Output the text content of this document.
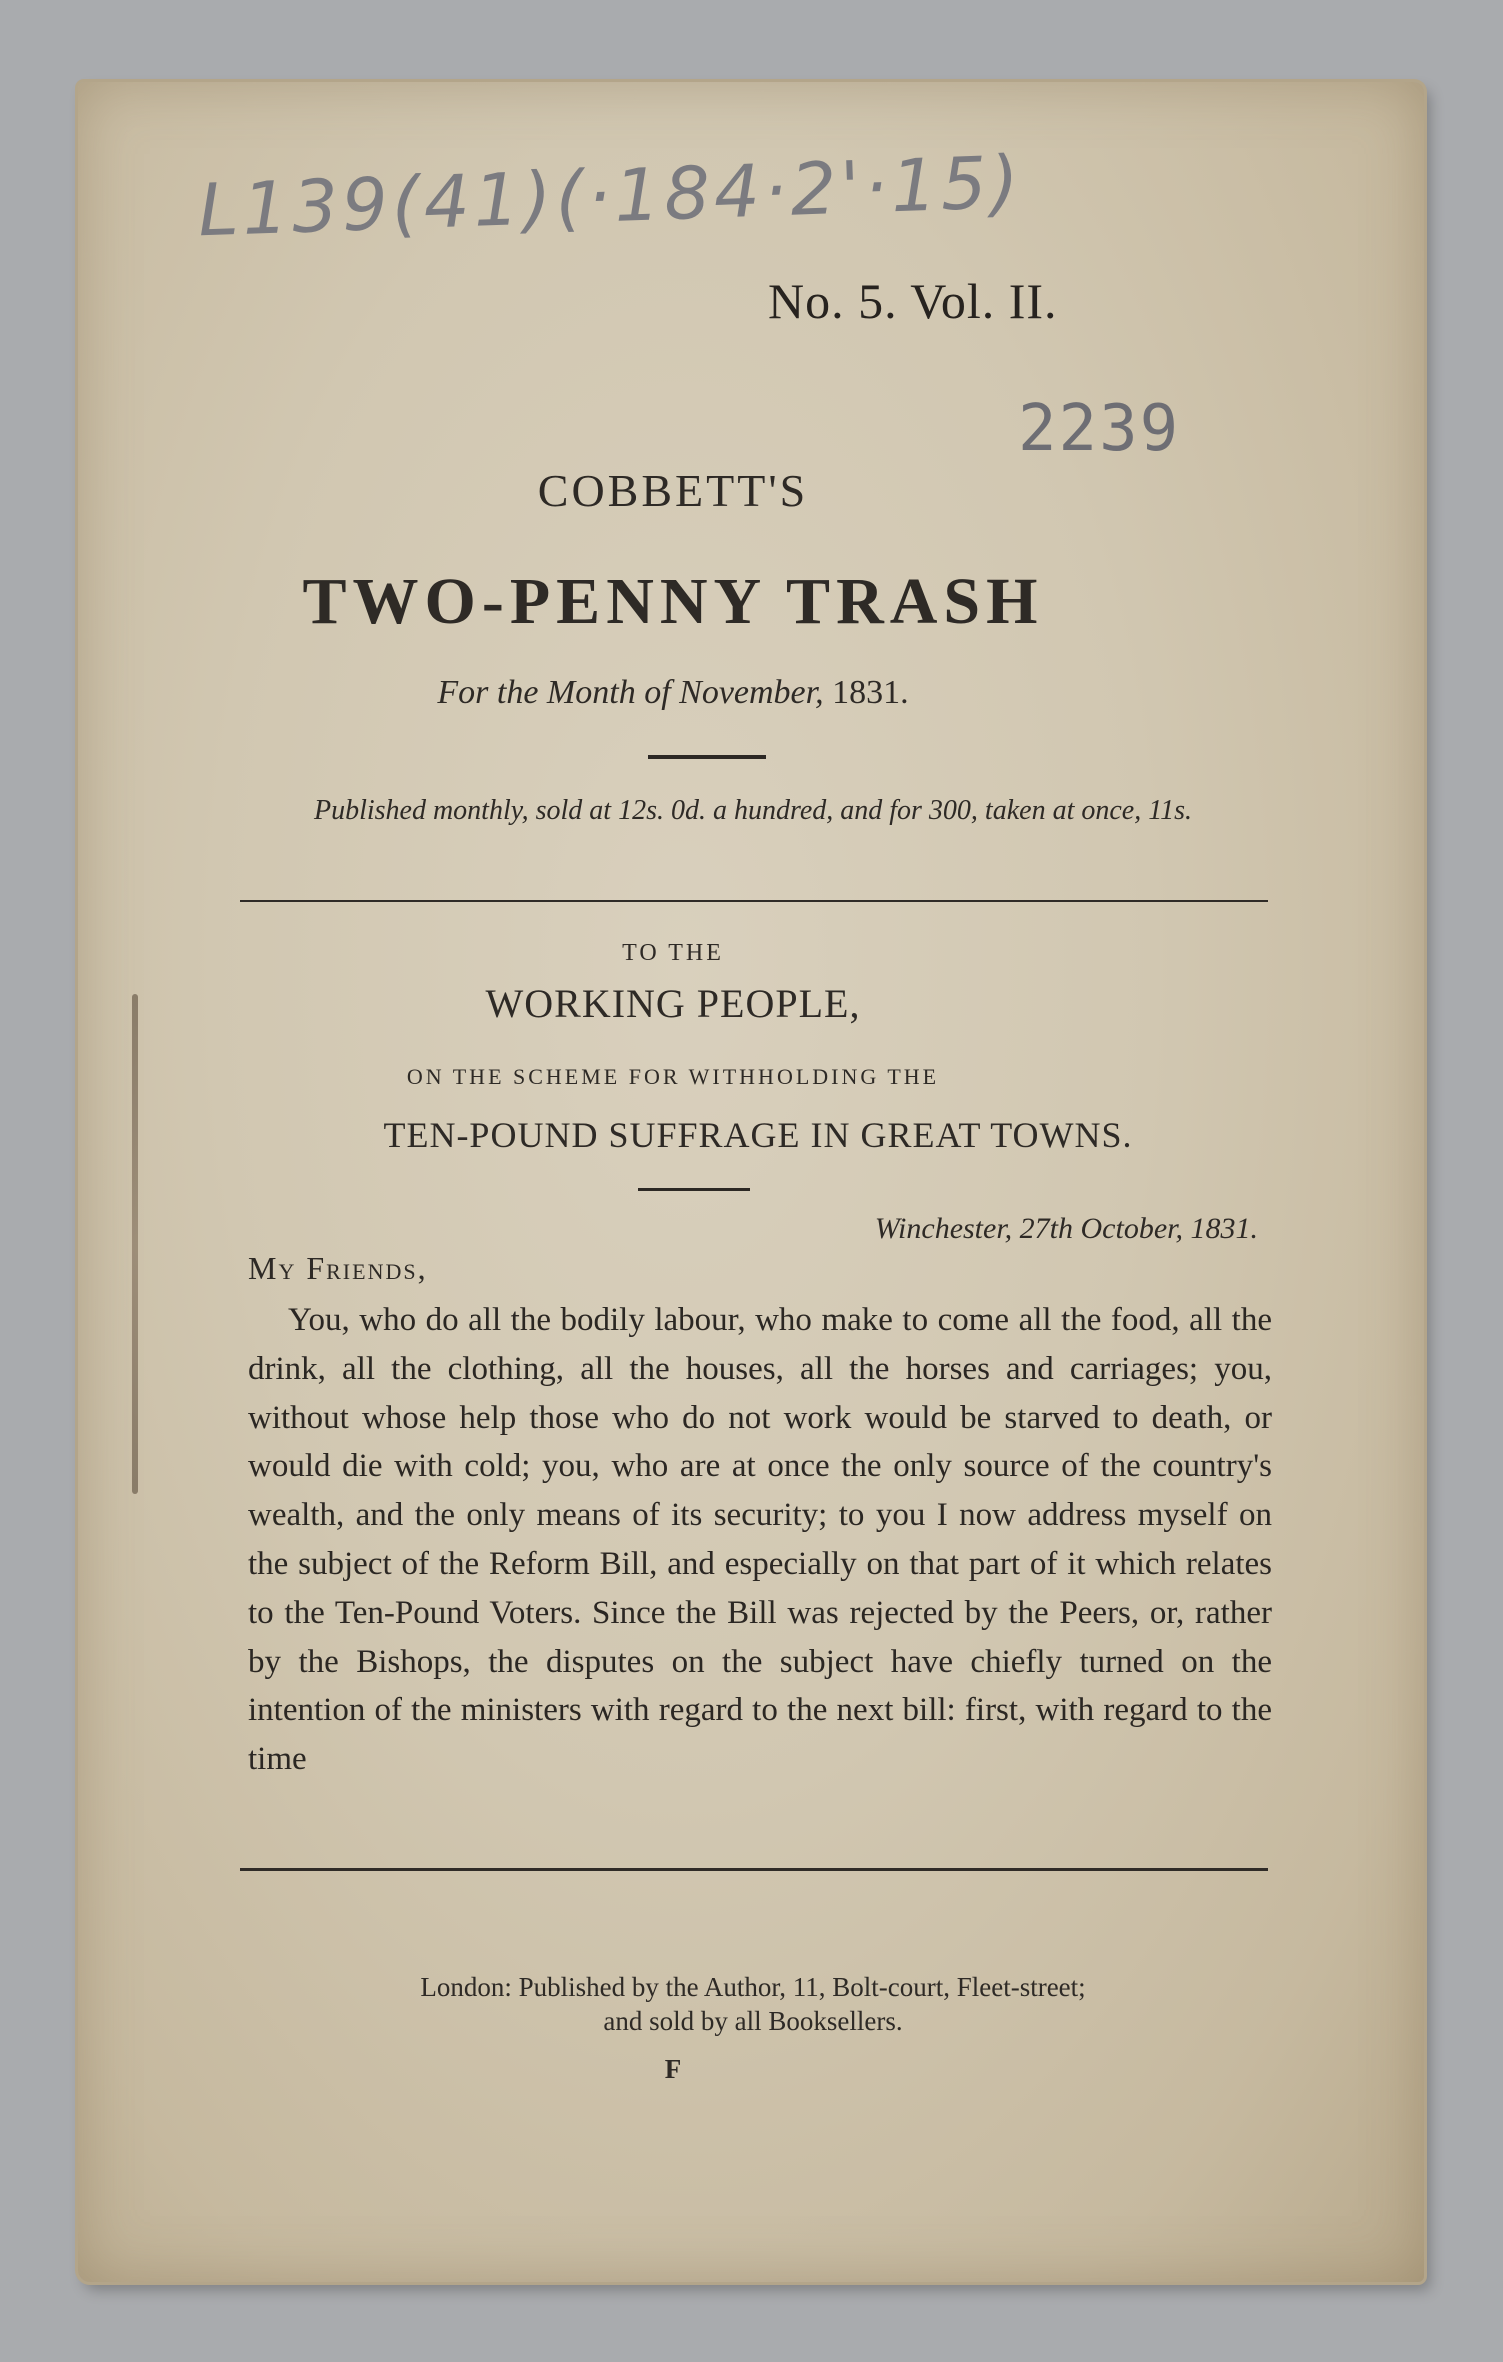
L139(41)(·184·2'·15)
No. 5. Vol. II.
2239
COBBETT'S
TWO-PENNY TRASH
For the Month of November, 1831.
Published monthly, sold at 12s. 0d. a hundred, and for 300, taken at once, 11s.
TO THE
WORKING PEOPLE,
ON THE SCHEME FOR WITHHOLDING THE
TEN-POUND SUFFRAGE IN GREAT TOWNS.
Winchester, 27th October, 1831.
My Friends,
You, who do all the bodily labour, who make to come all the food, all the drink, all the clothing, all the houses, all the horses and carriages; you, without whose help those who do not work would be starved to death, or would die with cold; you, who are at once the only source of the country's wealth, and the only means of its security; to you I now address myself on the subject of the Reform Bill, and especially on that part of it which relates to the Ten-Pound Voters. Since the Bill was rejected by the Peers, or, rather by the Bishops, the disputes on the subject have chiefly turned on the intention of the ministers with regard to the next bill: first, with regard to the time
London: Published by the Author, 11, Bolt-court, Fleet-street;
and sold by all Booksellers.
F
